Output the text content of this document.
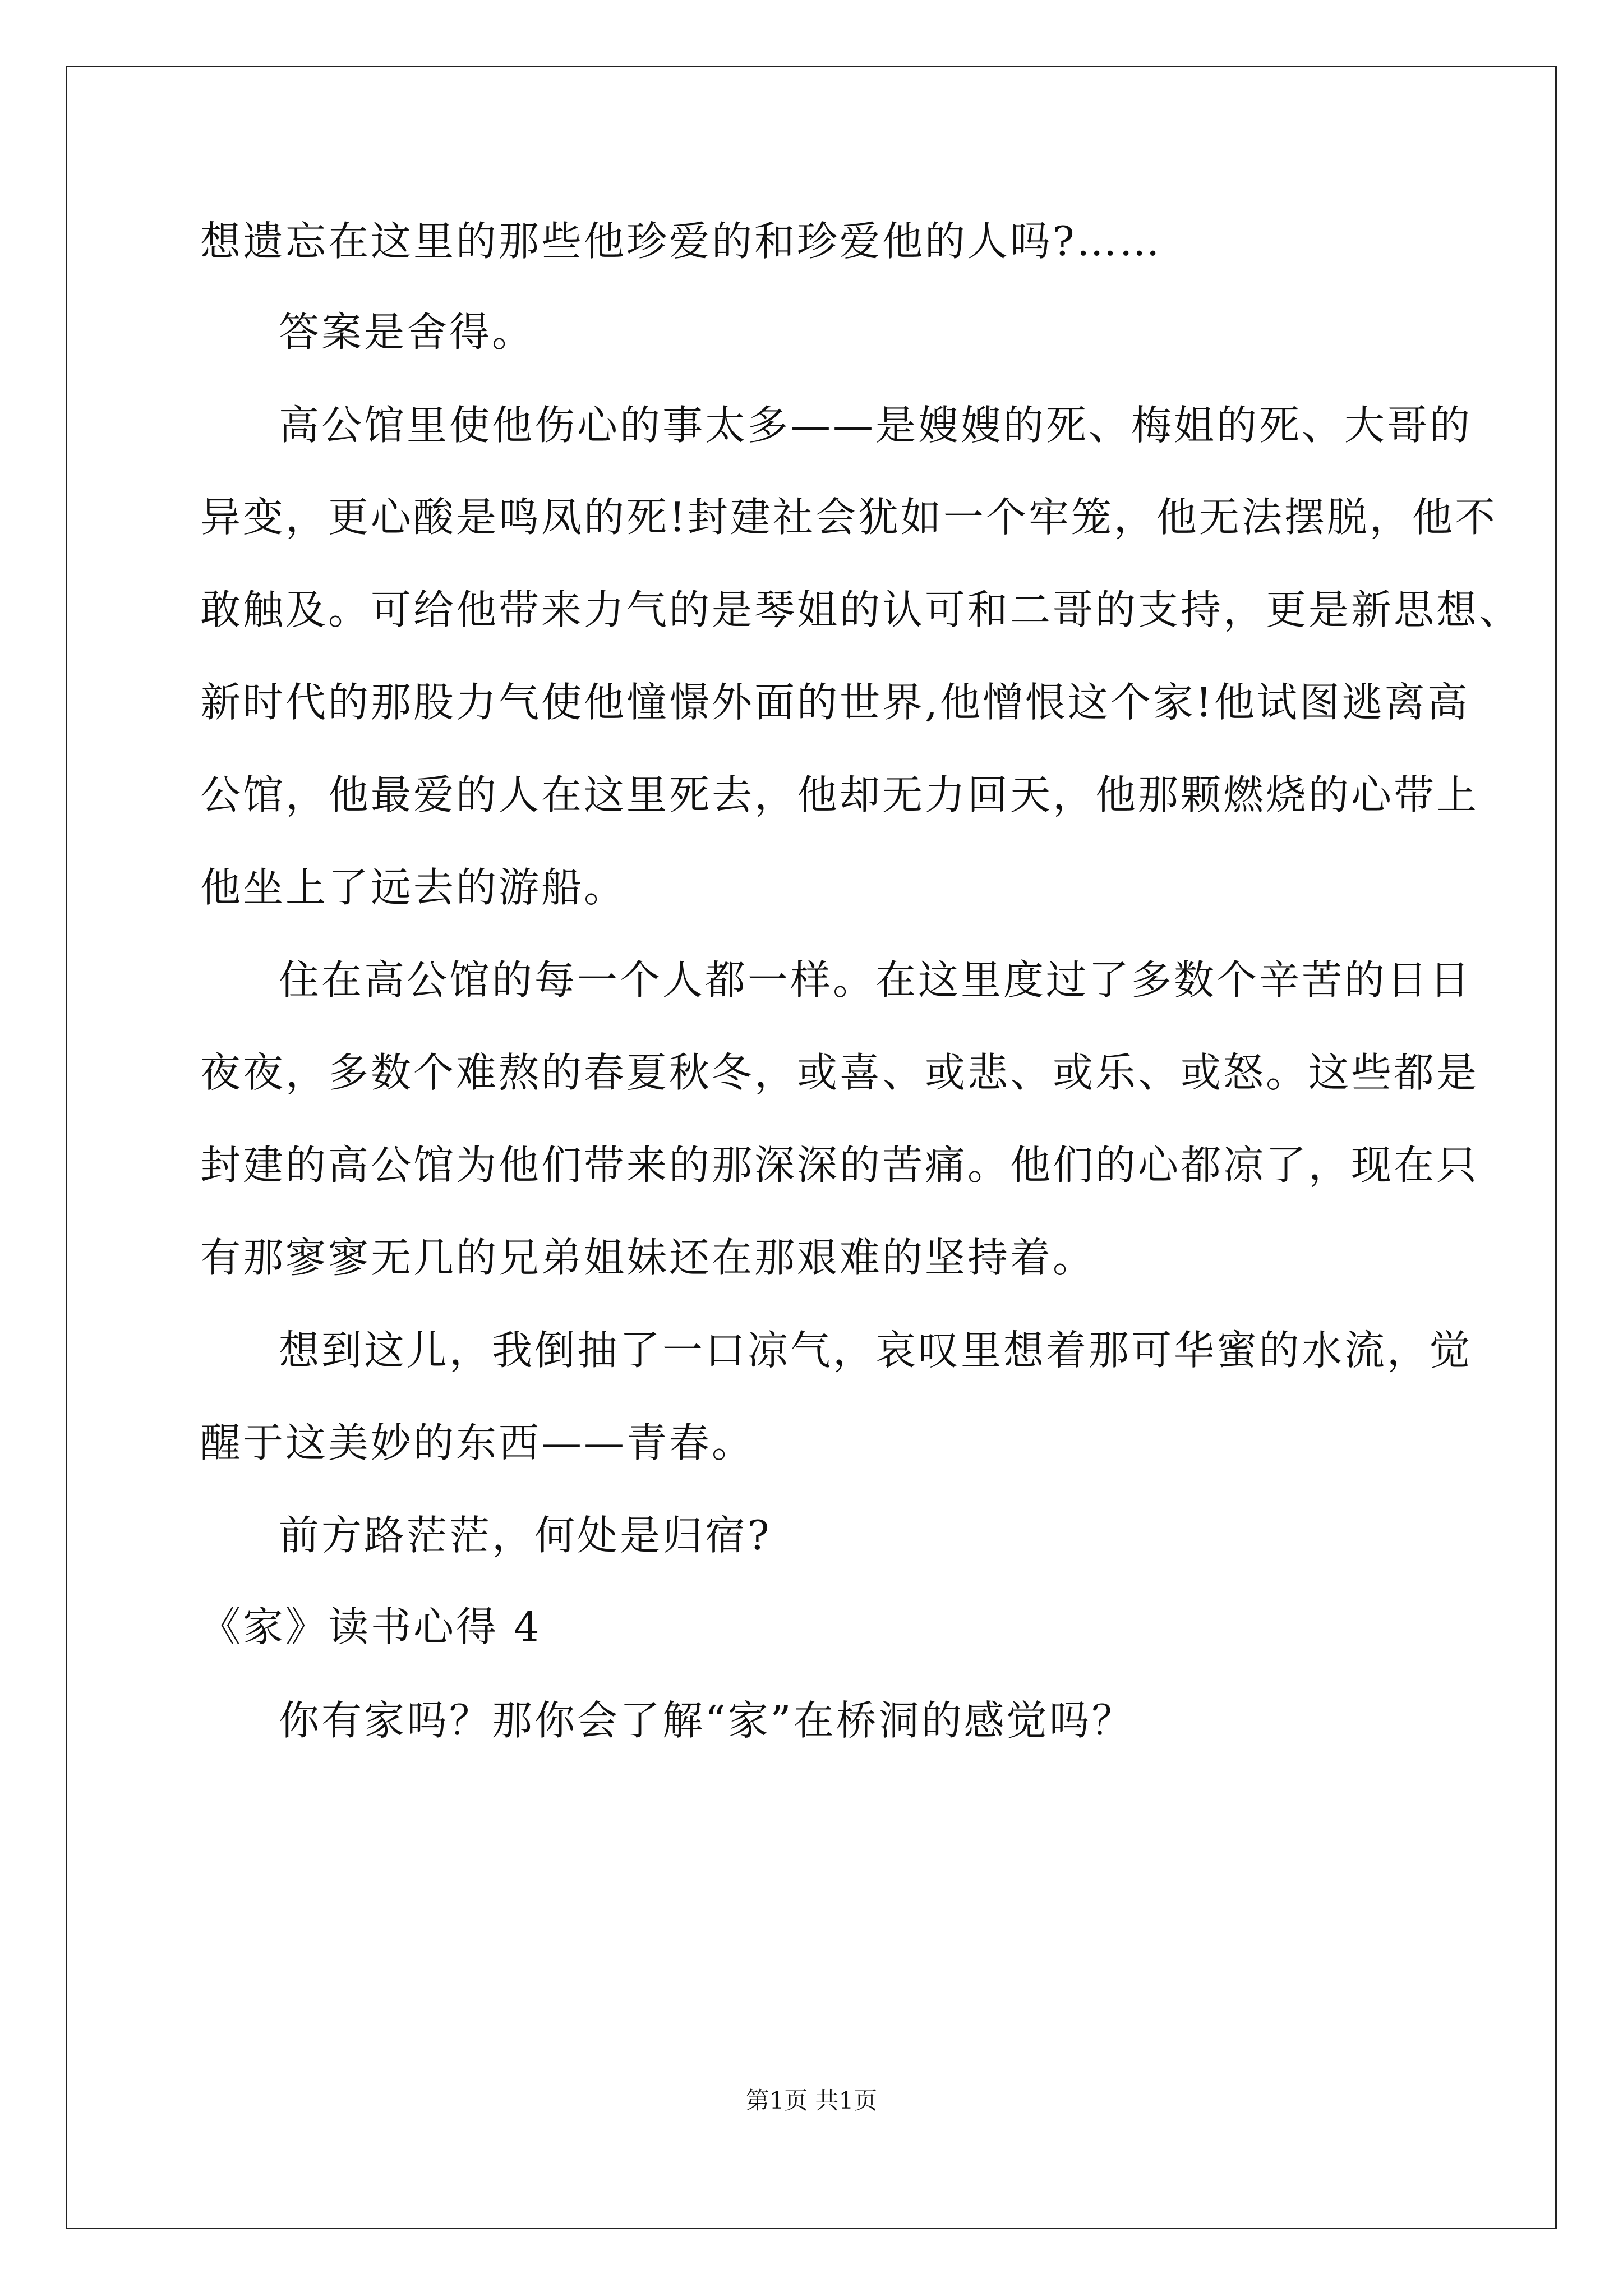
想遗忘在这里的那些他珍爱的和珍爱他的人吗?……
答案是舍得。
高公馆里使他伤心的事太多——是嫂嫂的死、梅姐的死、大哥的
异变，更心酸是鸣凤的死!封建社会犹如一个牢笼，他无法摆脱，他不
敢触及。可给他带来力气的是琴姐的认可和二哥的支持，更是新思想、
新时代的那股力气使他憧憬外面的世界,他憎恨这个家!他试图逃离高
公馆，他最爱的人在这里死去，他却无力回天，他那颗燃烧的心带上
他坐上了远去的游船。
住在高公馆的每一个人都一样。在这里度过了多数个辛苦的日日
夜夜，多数个难熬的春夏秋冬，或喜、或悲、或乐、或怒。这些都是
封建的高公馆为他们带来的那深深的苦痛。他们的心都凉了，现在只
有那寥寥无几的兄弟姐妹还在那艰难的坚持着。
想到这儿，我倒抽了一口凉气，哀叹里想着那可华蜜的水流，觉
醒于这美妙的东西——青春。
前方路茫茫，何处是归宿?
《家》读书心得 4
你有家吗？那你会了解“家”在桥洞的感觉吗？
第1页 共1页
